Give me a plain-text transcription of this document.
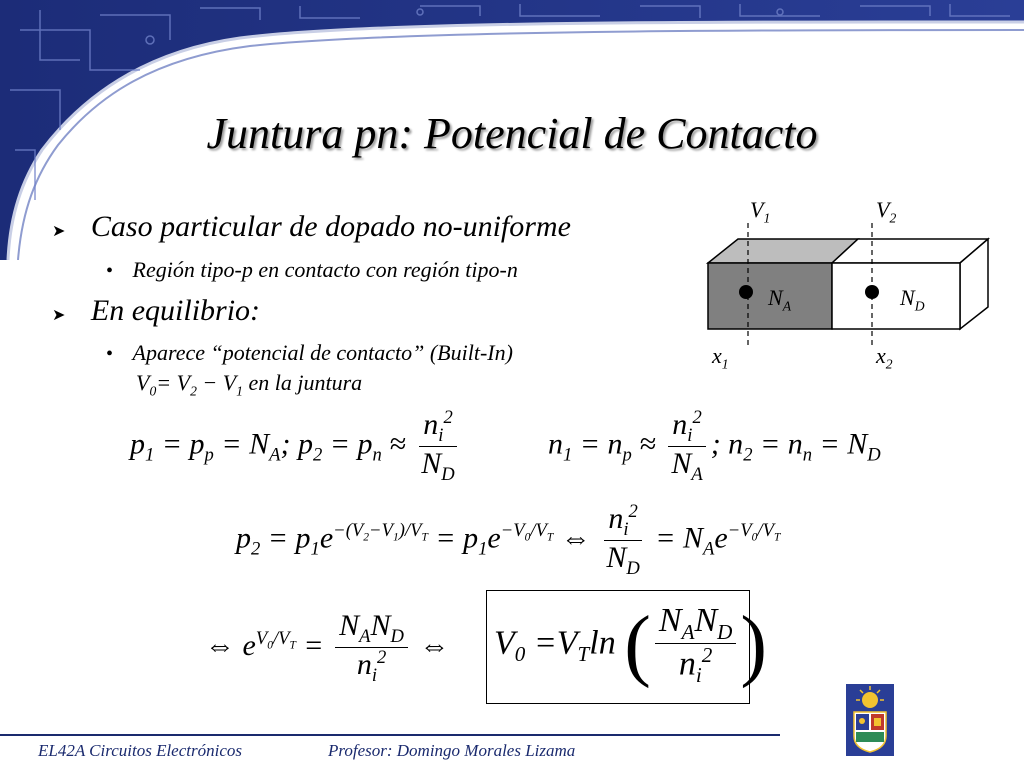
Juntura pn: Potencial de Contacto
➤ Caso particular de dopado no-uniforme
• Región tipo-p en contacto con región tipo-n
➤ En equilibrio:
• Aparece “potencial de contacto” (Built-In)
$V_0= V_2 - V_1$ en la juntura
$V_1$	$V_2$
$N_A$	$N_D$
$x_1$	$x_2$
$p_1 = p_p = N_A$; $p_2 = p_n \approx \frac{n_i^2}{N_D}$	$n_1 = n_p \approx \frac{n_i^2}{N_A}$ ; $n_2 = n_n = N_D$
$p_2 = p_1e^{-(V_2-V_1)/V_T} = p_1e^{-V_0/V_T}$ ⇔ $\frac{n_i^2}{N_D} = N_Ae^{-V_0/V_T}$
⇔ $e^{V_0/V_T} = \frac{N_AN_D}{n_i^2}$ ⇔ $V_0 =V_T\ln$ ( $\frac{N_AN_D}{n_i^2}$ )
EL42A Circuitos Electrónicos	Profesor: Domingo Morales Lizama
